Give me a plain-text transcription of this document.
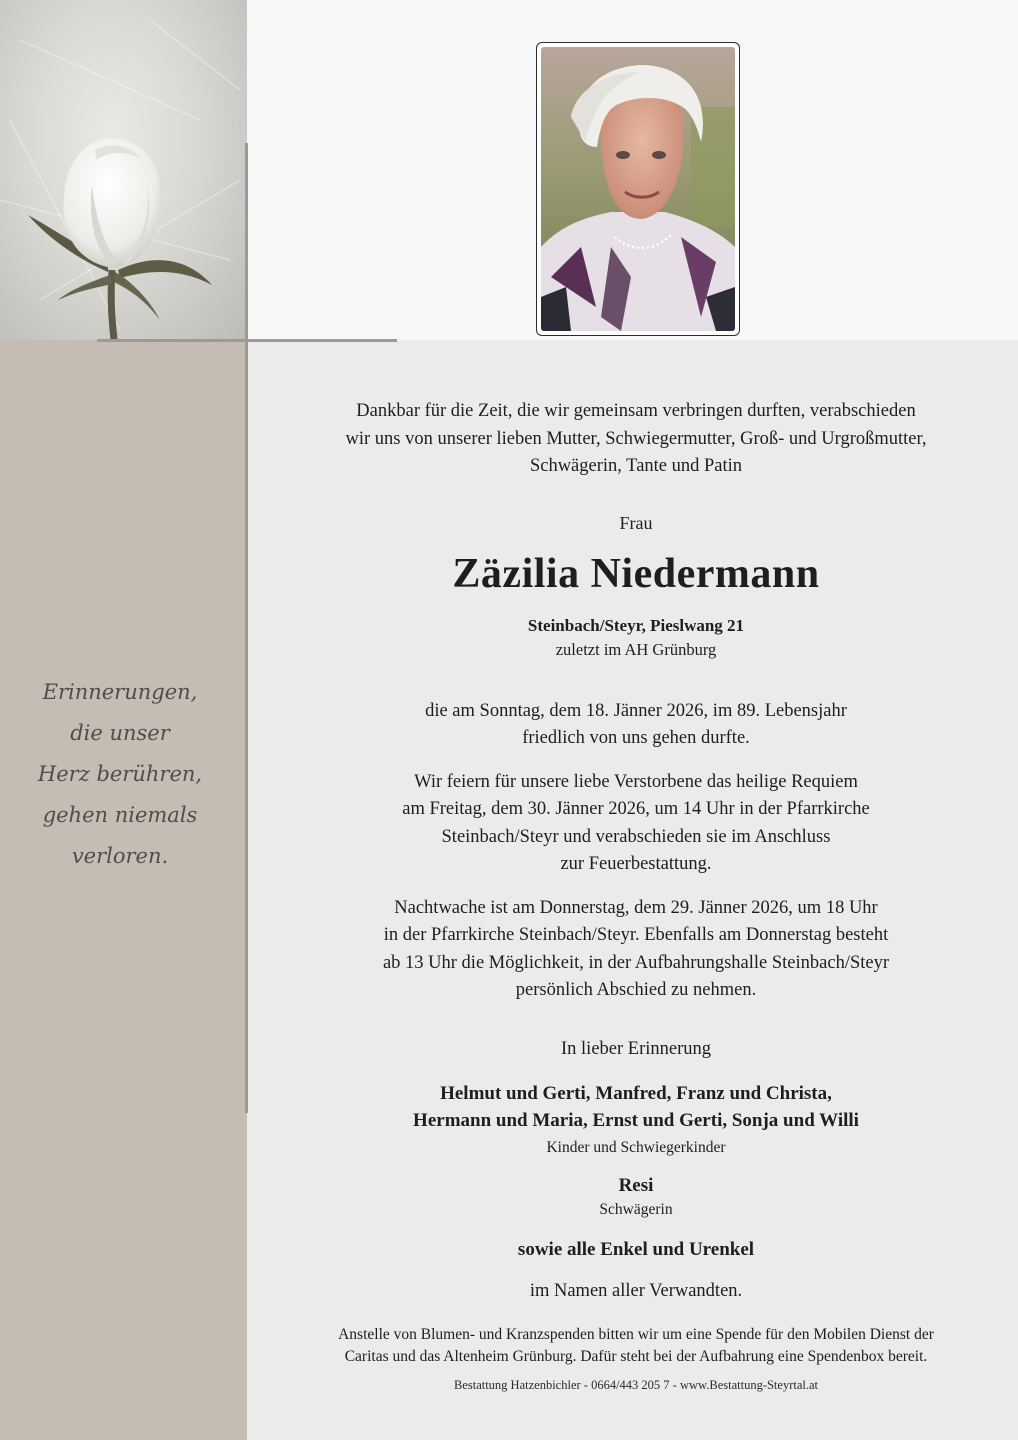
Erinnerungen,
die unser
Herz berühren,
gehen niemals
verloren.

Dankbar für die Zeit, die wir gemeinsam verbringen durften, verabschieden
wir uns von unserer lieben Mutter, Schwiegermutter, Groß- und Urgroßmutter,
Schwägerin, Tante und Patin

Frau

Zäzilia Niedermann

Steinbach/Steyr, Pieslwang 21

zuletzt im AH Grünburg

die am Sonntag, dem 18. Jänner 2026, im 89. Lebensjahr
friedlich von uns gehen durfte.

Wir feiern für unsere liebe Verstorbene das heilige Requiem
am Freitag, dem 30. Jänner 2026, um 14 Uhr in der Pfarrkirche
Steinbach/Steyr und verabschieden sie im Anschluss
zur Feuerbestattung.

Nachtwache ist am Donnerstag, dem 29. Jänner 2026, um 18 Uhr
in der Pfarrkirche Steinbach/Steyr. Ebenfalls am Donnerstag besteht
ab 13 Uhr die Möglichkeit, in der Aufbahrungshalle Steinbach/Steyr
persönlich Abschied zu nehmen.

In lieber Erinnerung

Helmut und Gerti, Manfred, Franz und Christa,
Hermann und Maria, Ernst und Gerti, Sonja und Willi

Kinder und Schwiegerkinder

Resi

Schwägerin

sowie alle Enkel und Urenkel

im Namen aller Verwandten.

Anstelle von Blumen- und Kranzspenden bitten wir um eine Spende für den Mobilen Dienst der
Caritas und das Altenheim Grünburg. Dafür steht bei der Aufbahrung eine Spendenbox bereit.

Bestattung Hatzenbichler - 0664/443 205 7 - www.Bestattung-Steyrtal.at
